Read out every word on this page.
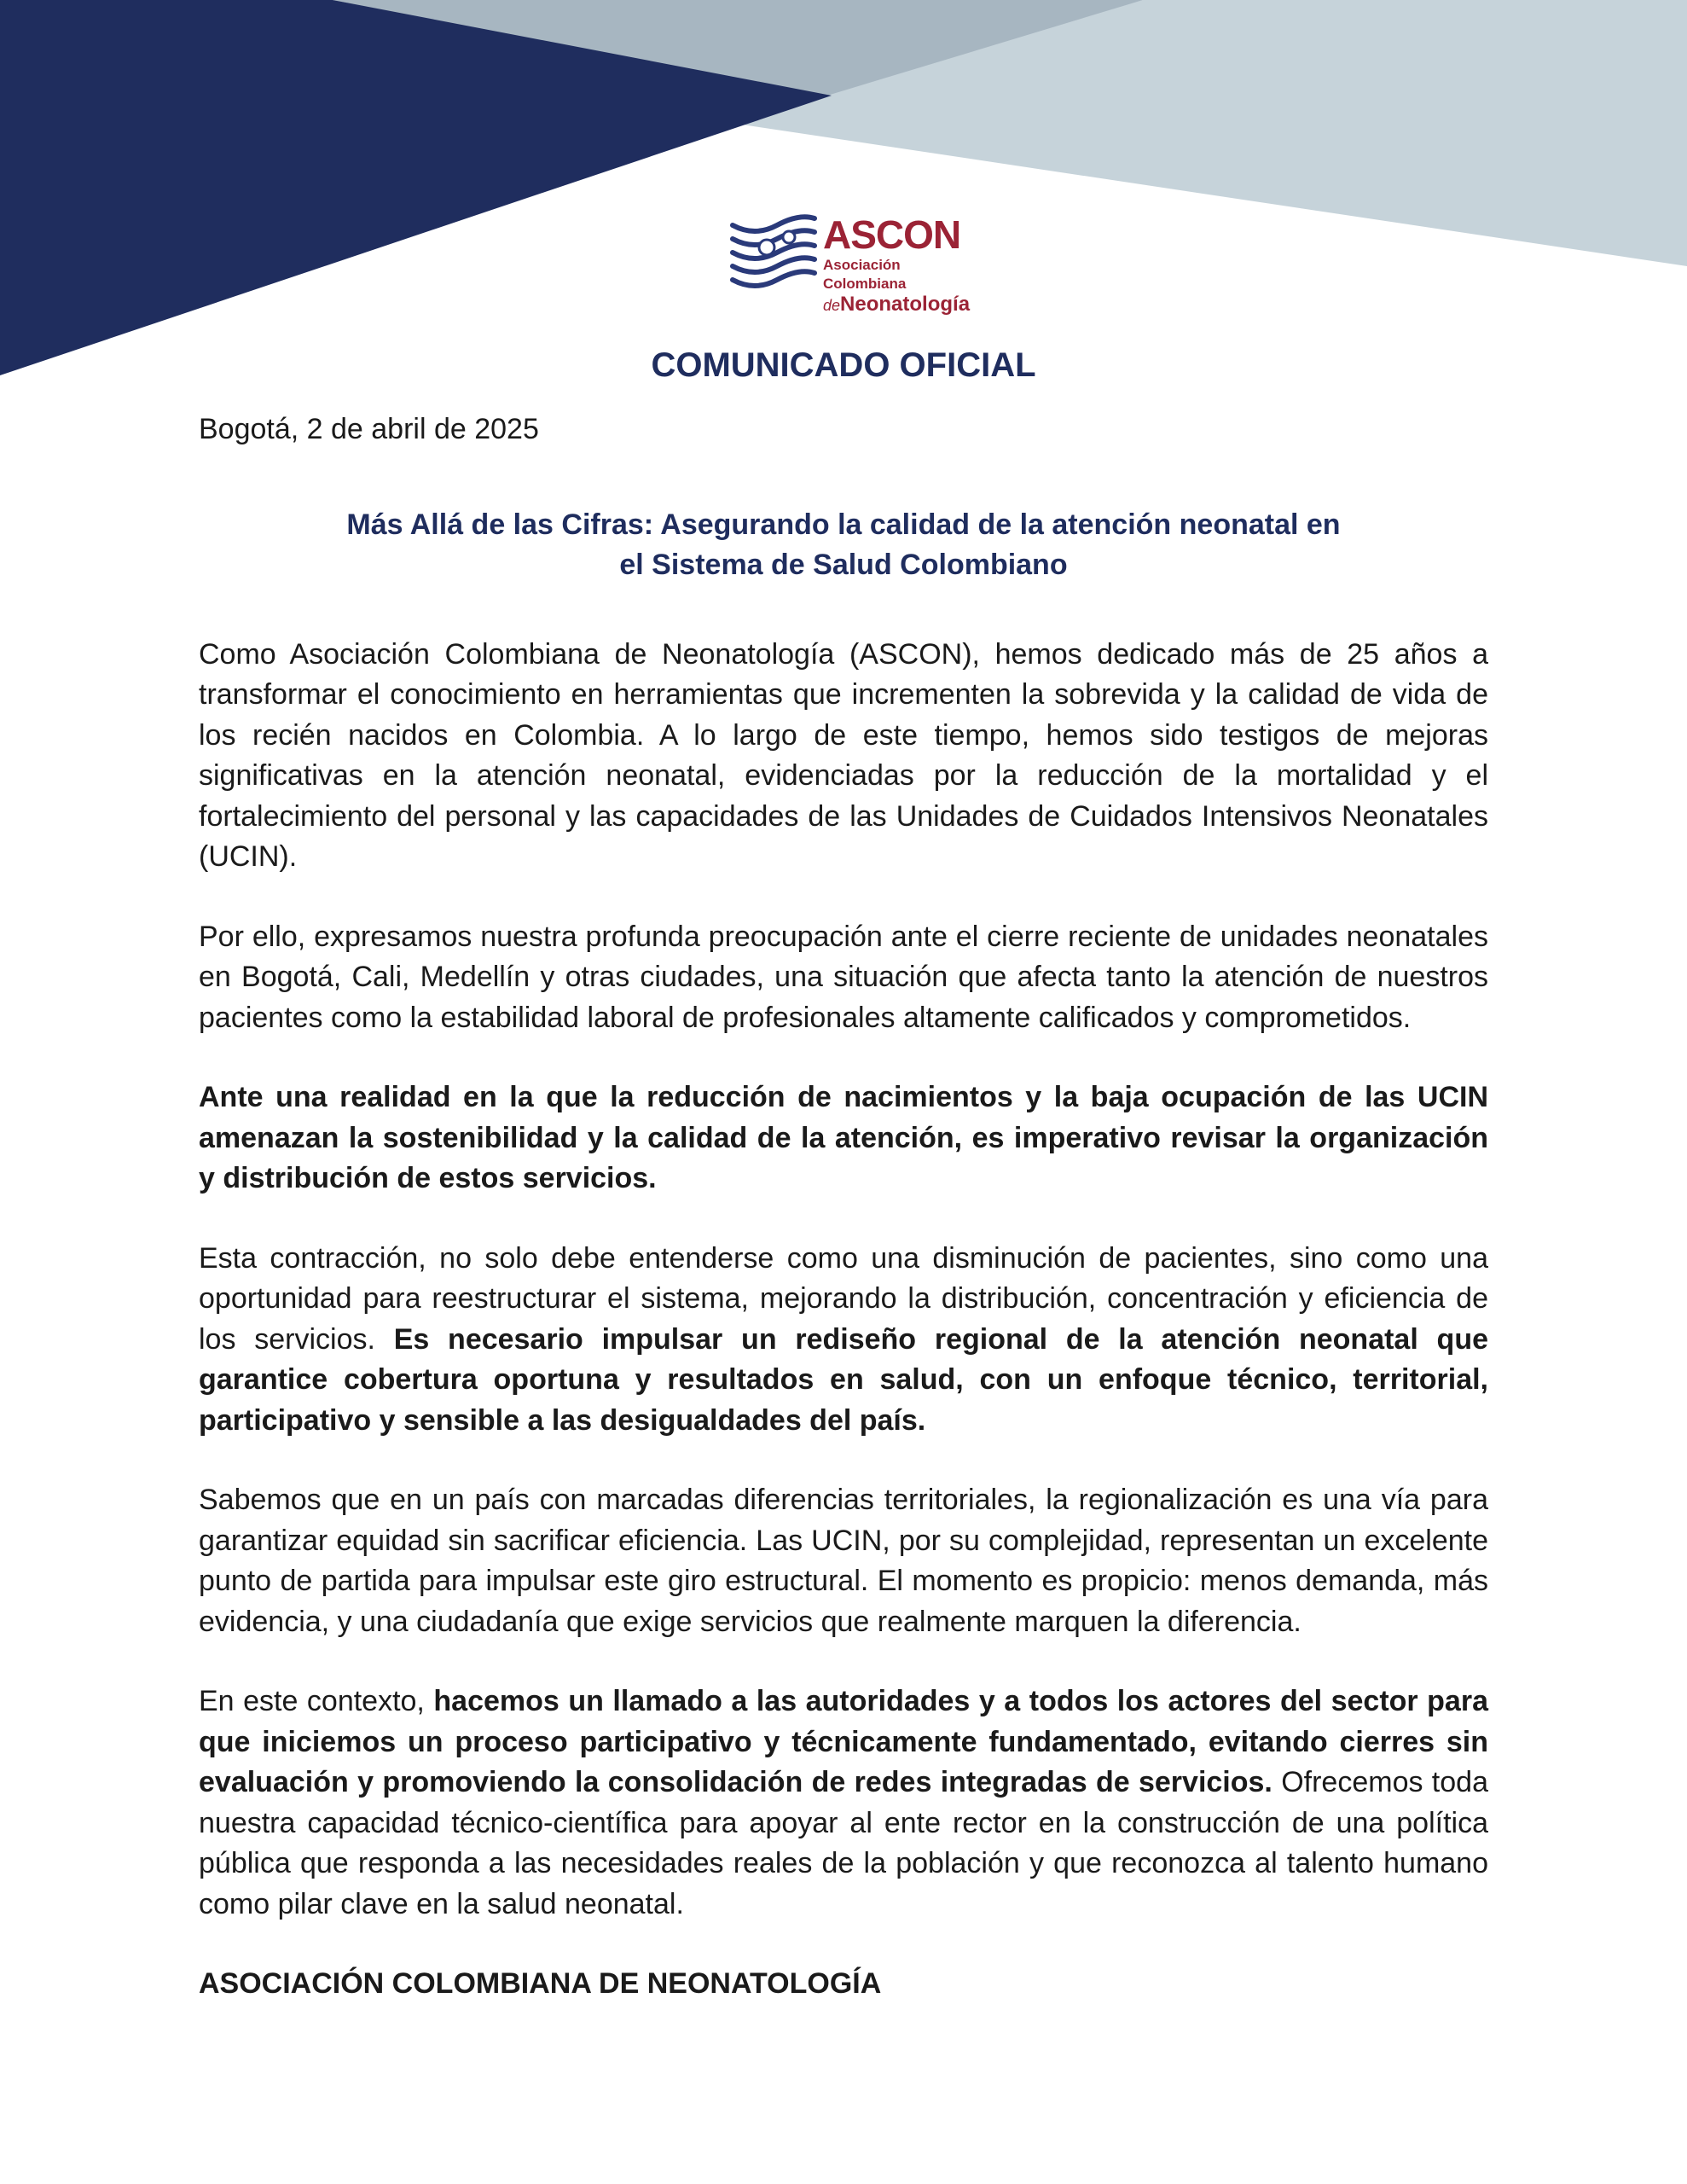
ASCON
Asociación Colombiana
deNeonatología
COMUNICADO OFICIAL

Bogotá, 2 de abril de 2025

Más Allá de las Cifras: Asegurando la calidad de la atención neonatal en
el Sistema de Salud Colombiano

Como Asociación Colombiana de Neonatología (ASCON), hemos dedicado más de 25 años a transformar el conocimiento en herramientas que incrementen la sobrevida y la calidad de vida de los recién nacidos en Colombia. A lo largo de este tiempo, hemos sido testigos de mejoras significativas en la atención neonatal, evidenciadas por la reducción de la mortalidad y el fortalecimiento del personal y las capacidades de las Unidades de Cuidados Intensivos Neonatales (UCIN).

Por ello, expresamos nuestra profunda preocupación ante el cierre reciente de unidades neonatales en Bogotá, Cali, Medellín y otras ciudades, una situación que afecta tanto la atención de nuestros pacientes como la estabilidad laboral de profesionales altamente calificados y comprometidos.

Ante una realidad en la que la reducción de nacimientos y la baja ocupación de las UCIN amenazan la sostenibilidad y la calidad de la atención, es imperativo revisar la organización y distribución de estos servicios.

Esta contracción, no solo debe entenderse como una disminución de pacientes, sino como una oportunidad para reestructurar el sistema, mejorando la distribución, concentración y eficiencia de los servicios. Es necesario impulsar un rediseño regional de la atención neonatal que garantice cobertura oportuna y resultados en salud, con un enfoque técnico, territorial, participativo y sensible a las desigualdades del país.

Sabemos que en un país con marcadas diferencias territoriales, la regionalización es una vía para garantizar equidad sin sacrificar eficiencia. Las UCIN, por su complejidad, representan un excelente punto de partida para impulsar este giro estructural. El momento es propicio: menos demanda, más evidencia, y una ciudadanía que exige servicios que realmente marquen la diferencia.

En este contexto, hacemos un llamado a las autoridades y a todos los actores del sector para que iniciemos un proceso participativo y técnicamente fundamentado, evitando cierres sin evaluación y promoviendo la consolidación de redes integradas de servicios. Ofrecemos toda nuestra capacidad técnico-científica para apoyar al ente rector en la construcción de una política pública que responda a las necesidades reales de la población y que reconozca al talento humano como pilar clave en la salud neonatal.

ASOCIACIÓN COLOMBIANA DE NEONATOLOGÍA
